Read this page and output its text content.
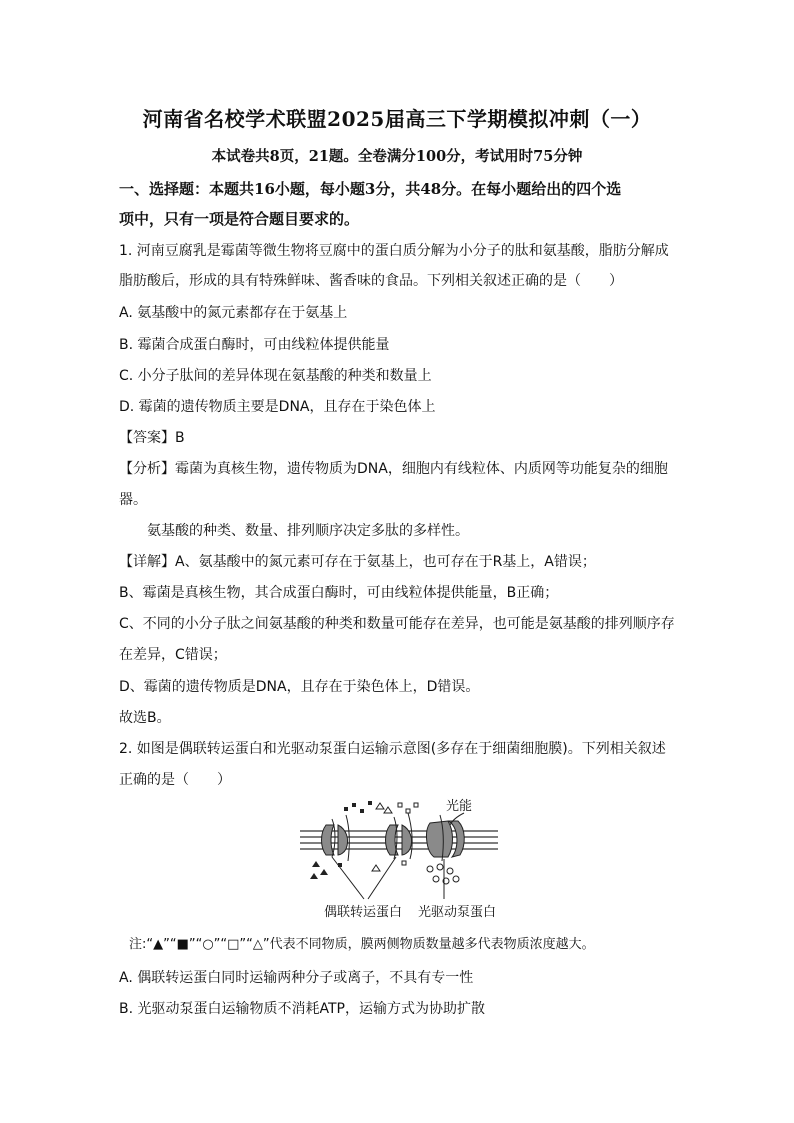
河南省名校学术联盟2025届高三下学期模拟冲刺（一）
本试卷共8页，21题。全卷满分100分，考试用时75分钟
一、选择题：本题共16小题，每小题3分，共48分。在每小题给出的四个选
项中，只有一项是符合题目要求的。
1. 河南豆腐乳是霉菌等微生物将豆腐中的蛋白质分解为小分子的肽和氨基酸，脂肪分解成
脂肪酸后，形成的具有特殊鲜味、酱香味的食品。下列相关叙述正确的是（　　）
A. 氨基酸中的氮元素都存在于氨基上
B. 霉菌合成蛋白酶时，可由线粒体提供能量
C. 小分子肽间的差异体现在氨基酸的种类和数量上
D. 霉菌的遗传物质主要是DNA，且存在于染色体上
【答案】B
【分析】霉菌为真核生物，遗传物质为DNA，细胞内有线粒体、内质网等功能复杂的细胞
器。
氨基酸的种类、数量、排列顺序决定多肽的多样性。
【详解】A、氨基酸中的氮元素可存在于氨基上，也可存在于R基上，A错误；
B、霉菌是真核生物，其合成蛋白酶时，可由线粒体提供能量，B正确；
C、不同的小分子肽之间氨基酸的种类和数量可能存在差异，也可能是氨基酸的排列顺序存
在差异，C错误；
D、霉菌的遗传物质是DNA，且存在于染色体上，D错误。
故选B。
2. 如图是偶联转运蛋白和光驱动泵蛋白运输示意图(多存在于细菌细胞膜)。下列相关叙述
正确的是（　　）
光能
偶联转运蛋白 光驱动泵蛋白
注:“▲”“■”“○”“□”“△”代表不同物质，膜两侧物质数量越多代表物质浓度越大。
A. 偶联转运蛋白同时运输两种分子或离子，不具有专一性
B. 光驱动泵蛋白运输物质不消耗ATP，运输方式为协助扩散
